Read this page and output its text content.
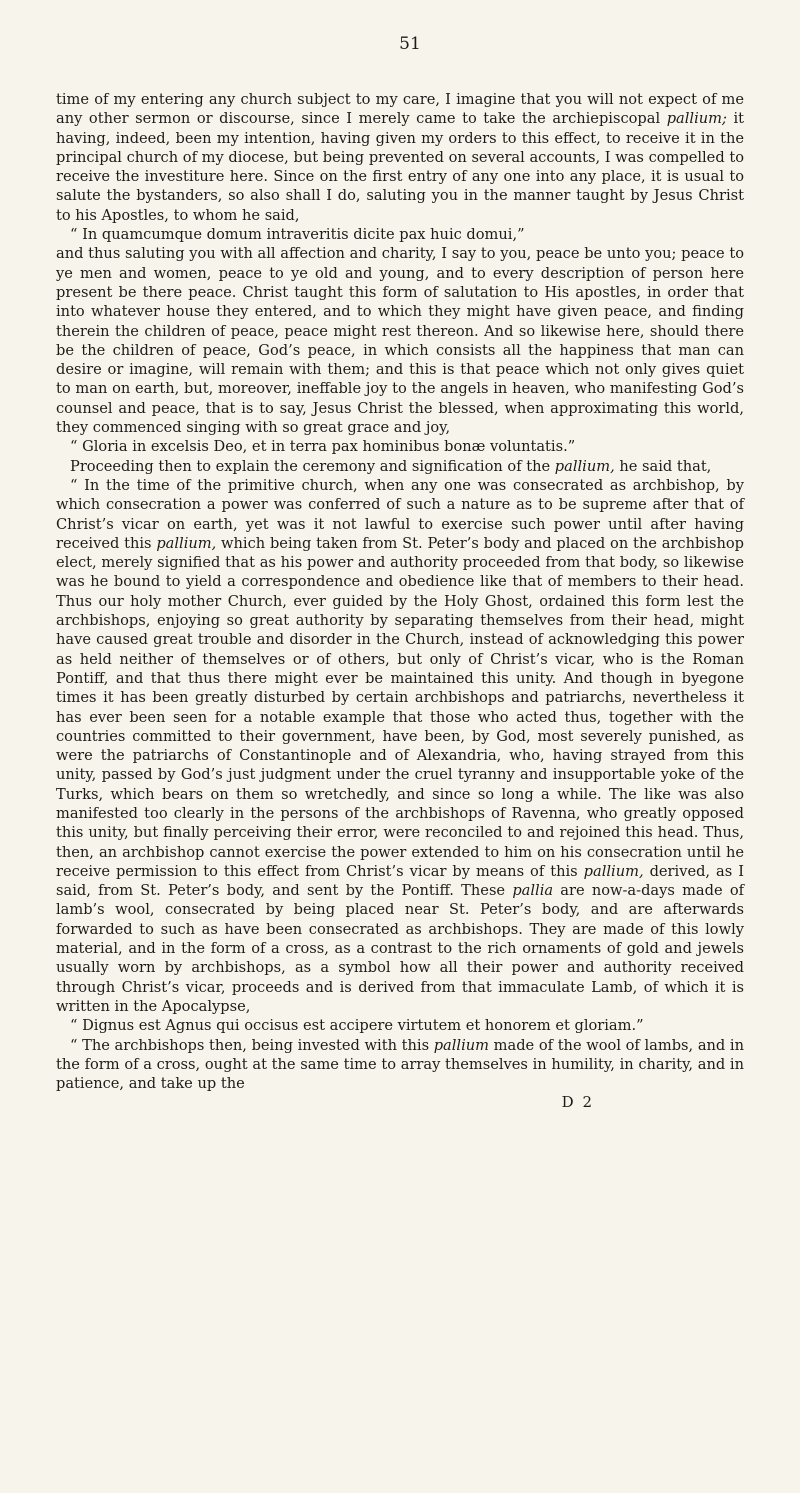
51

time of my entering any church subject to my care, I imagine that you will not expect of me any other sermon or discourse, since I merely came to take the archiepiscopal pallium; it having, indeed, been my intention, having given my orders to this effect, to receive it in the principal church of my diocese, but being prevented on several accounts, I was compelled to receive the investiture here. Since on the first entry of any one into any place, it is usual to salute the bystanders, so also shall I do, saluting you in the manner taught by Jesus Christ to his Apostles, to whom he said,

“ In quamcumque domum intraveritis dicite pax huic domui,”

and thus saluting you with all affection and charity, I say to you, peace be unto you; peace to ye men and women, peace to ye old and young, and to every description of person here present be there peace. Christ taught this form of salutation to His apostles, in order that into whatever house they entered, and to which they might have given peace, and finding therein the children of peace, peace might rest thereon. And so likewise here, should there be the children of peace, God’s peace, in which consists all the happiness that man can desire or imagine, will remain with them; and this is that peace which not only gives quiet to man on earth, but, moreover, ineffable joy to the angels in heaven, who manifesting God’s counsel and peace, that is to say, Jesus Christ the blessed, when approximating this world, they commenced singing with so great grace and joy,

“ Gloria in excelsis Deo, et in terra pax hominibus bonæ voluntatis.”

Proceeding then to explain the ceremony and signification of the pallium, he said that,

“ In the time of the primitive church, when any one was consecrated as archbishop, by which consecration a power was conferred of such a nature as to be supreme after that of Christ’s vicar on earth, yet was it not lawful to exercise such power until after having received this pallium, which being taken from St. Peter’s body and placed on the archbishop elect, merely signified that as his power and authority proceeded from that body, so likewise was he bound to yield a correspondence and obedience like that of members to their head. Thus our holy mother Church, ever guided by the Holy Ghost, ordained this form lest the archbishops, enjoying so great authority by separating themselves from their head, might have caused great trouble and disorder in the Church, instead of acknowledging this power as held neither of themselves or of others, but only of Christ’s vicar, who is the Roman Pontiff, and that thus there might ever be maintained this unity. And though in byegone times it has been greatly disturbed by certain archbishops and patriarchs, nevertheless it has ever been seen for a notable example that those who acted thus, together with the countries committed to their government, have been, by God, most severely punished, as were the patriarchs of Constantinople and of Alexandria, who, having strayed from this unity, passed by God’s just judgment under the cruel tyranny and insupportable yoke of the Turks, which bears on them so wretchedly, and since so long a while. The like was also manifested too clearly in the persons of the archbishops of Ravenna, who greatly opposed this unity, but finally perceiving their error, were reconciled to and rejoined this head. Thus, then, an archbishop cannot exercise the power extended to him on his consecration until he receive permission to this effect from Christ’s vicar by means of this pallium, derived, as I said, from St. Peter’s body, and sent by the Pontiff. These pallia are now-a-days made of lamb’s wool, consecrated by being placed near St. Peter’s body, and are afterwards forwarded to such as have been consecrated as archbishops. They are made of this lowly material, and in the form of a cross, as a contrast to the rich ornaments of gold and jewels usually worn by archbishops, as a symbol how all their power and authority received through Christ’s vicar, proceeds and is derived from that immaculate Lamb, of which it is written in the Apocalypse,

“ Dignus est Agnus qui occisus est accipere virtutem et honorem et gloriam.”

“ The archbishops then, being invested with this pallium made of the wool of lambs, and in the form of a cross, ought at the same time to array themselves in humility, in charity, and in patience, and take up the

D 2
